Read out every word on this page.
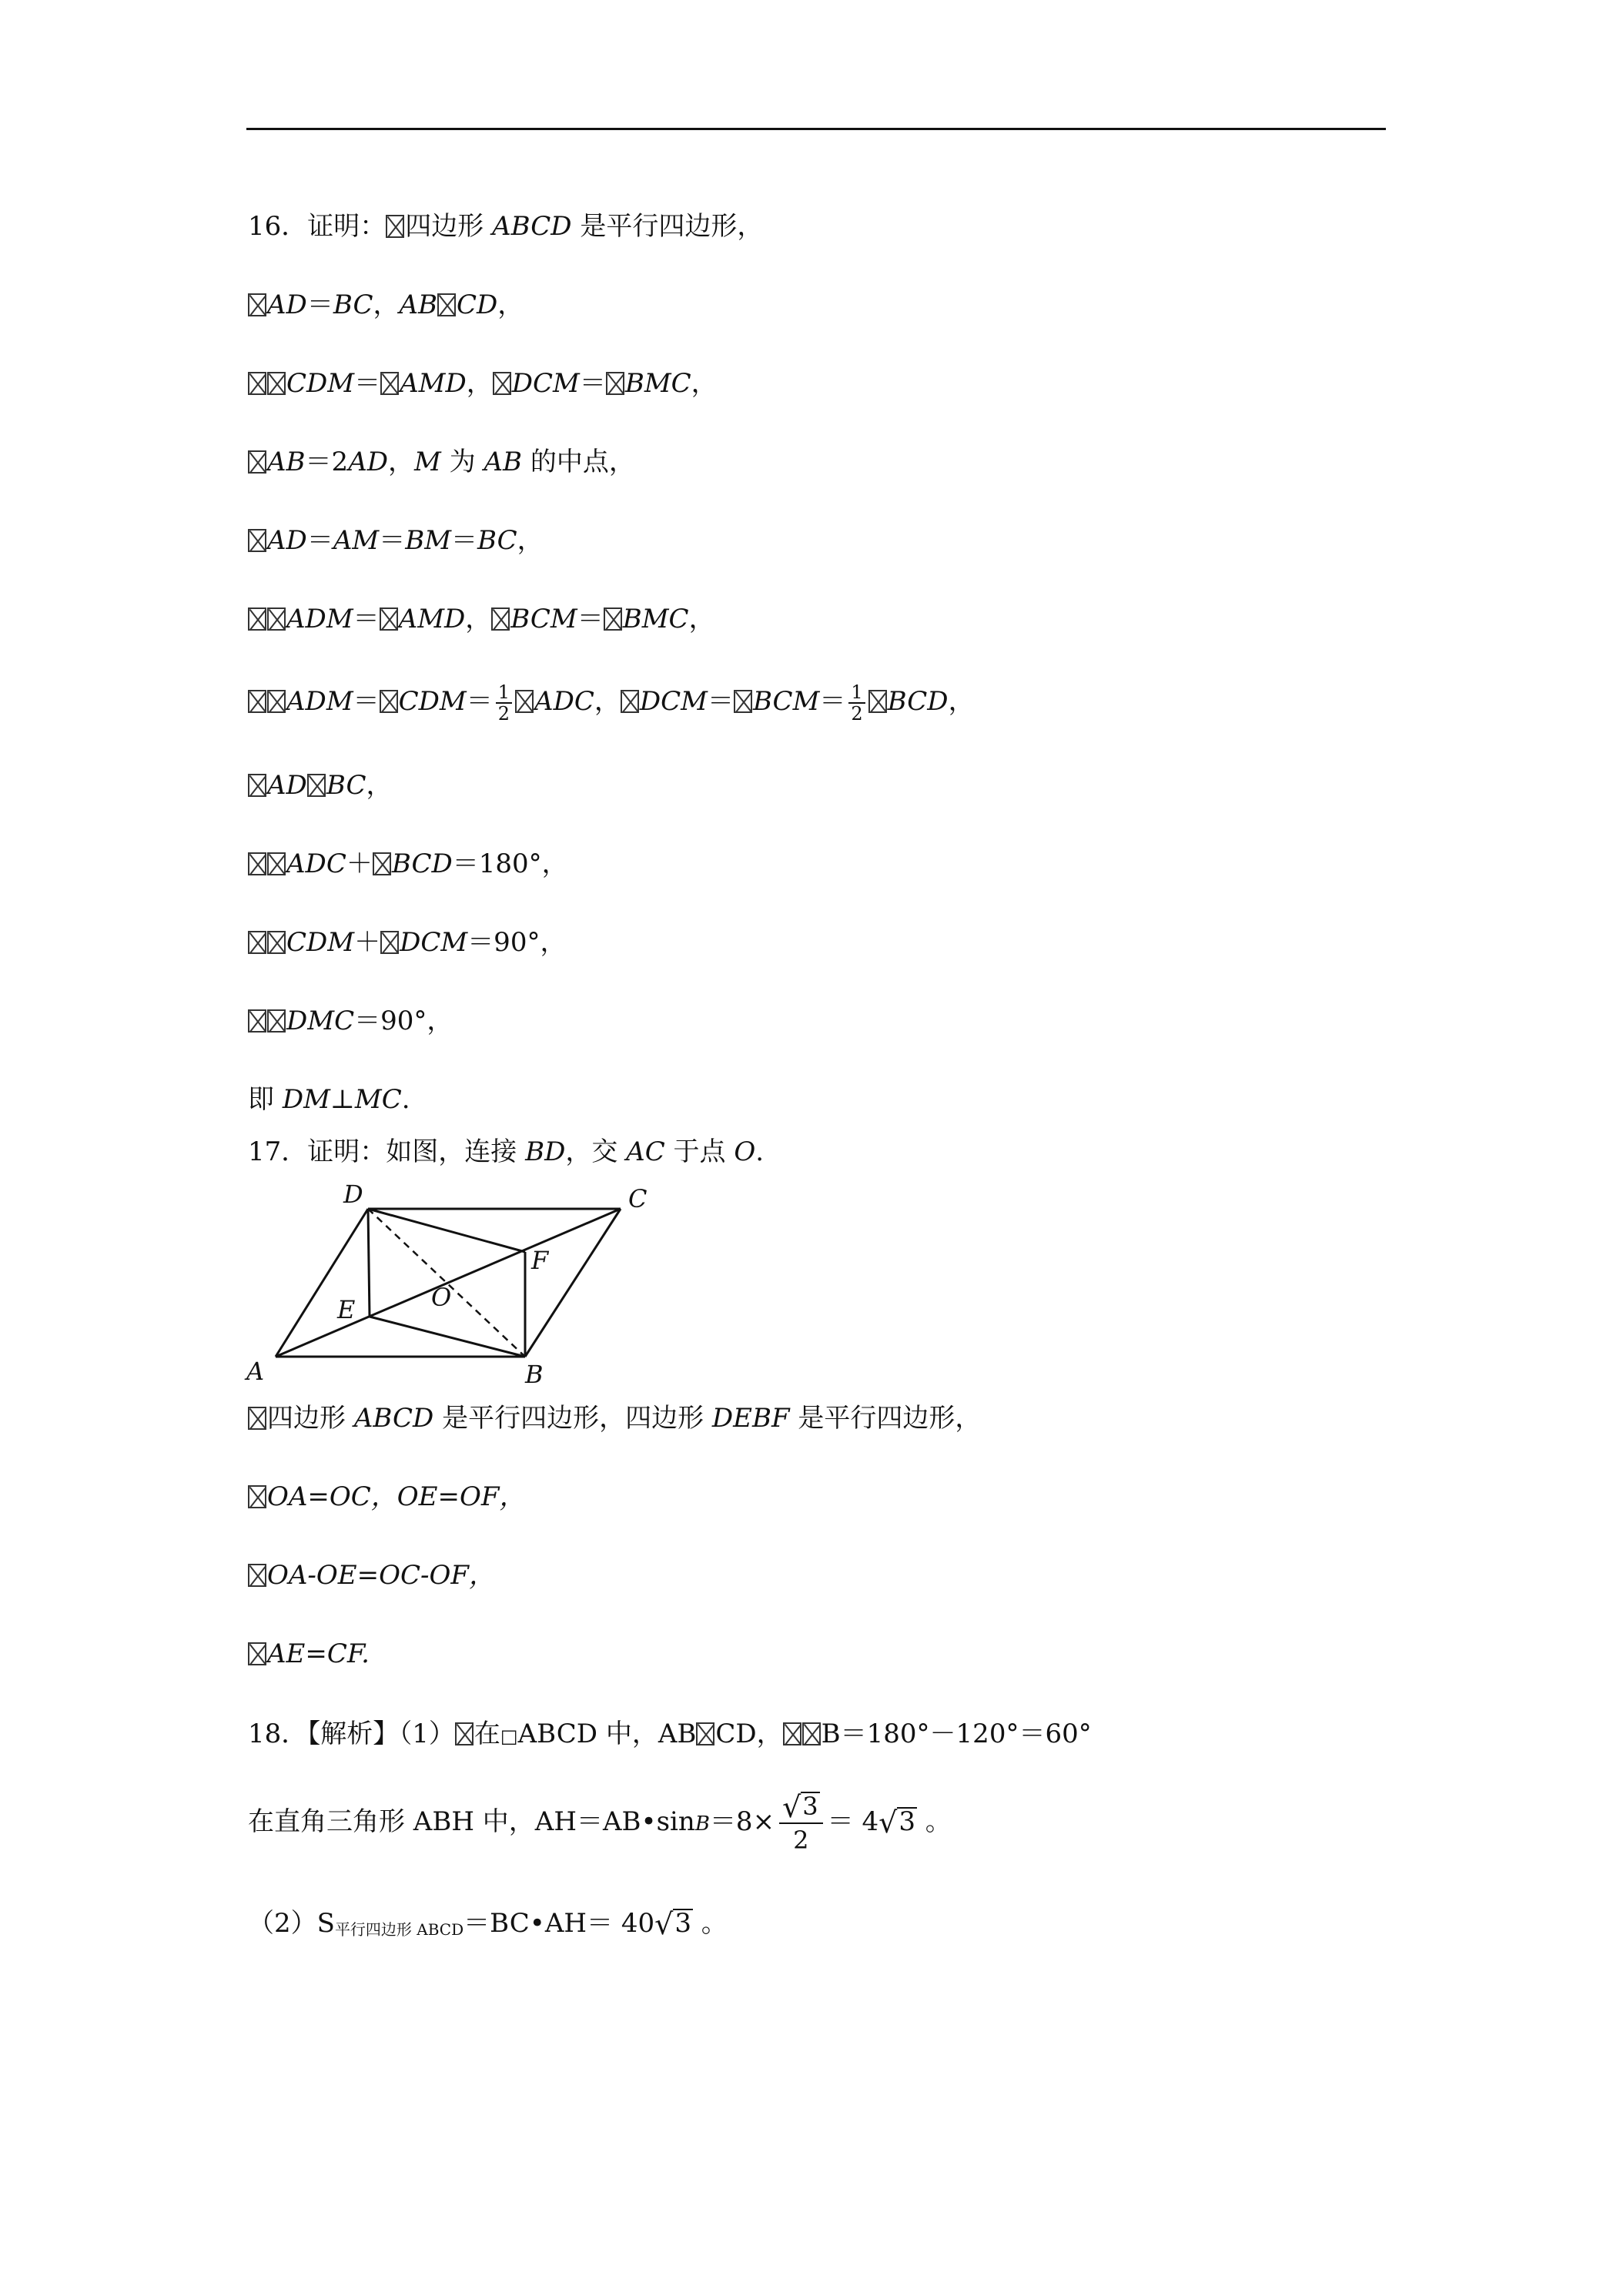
16．证明： 四边形 ABCD 是平行四边形，
AD＝BC，AB CD，
CDM＝ AMD， DCM＝ BMC，
AB＝2AD，M 为 AB 的中点，
AD＝AM＝BM＝BC，
ADM＝ AMD， BCM＝ BMC，
$ADM= CDM= \frac{1}{2}$ ADC， $DCM= BCM= \frac{1}{2}$ BCD，
AD BC，
ADC＋ BCD＝180°，
CDM＋ DCM＝90°，
DMC＝90°，
即 DM⊥MC.
17．证明：如图，连接 BD，交 AC 于点 O.
A	B
C
D
E
F
O
四边形 ABCD 是平行四边形，四边形 DEBF 是平行四边形，
OA=OC，OE=OF，
OA-OE=OC-OF，
AE=CF.
18．【解析】（1） 在□ABCD 中，AB CD， B＝180°－120°＝60°
在直角三角形 ABH 中，AH＝AB•sinB＝8× $\frac{√3}{2} = 4√3$ 。
$(2)S_{平行四边形 ABCD}=BC•AH= 40√3$ 。
